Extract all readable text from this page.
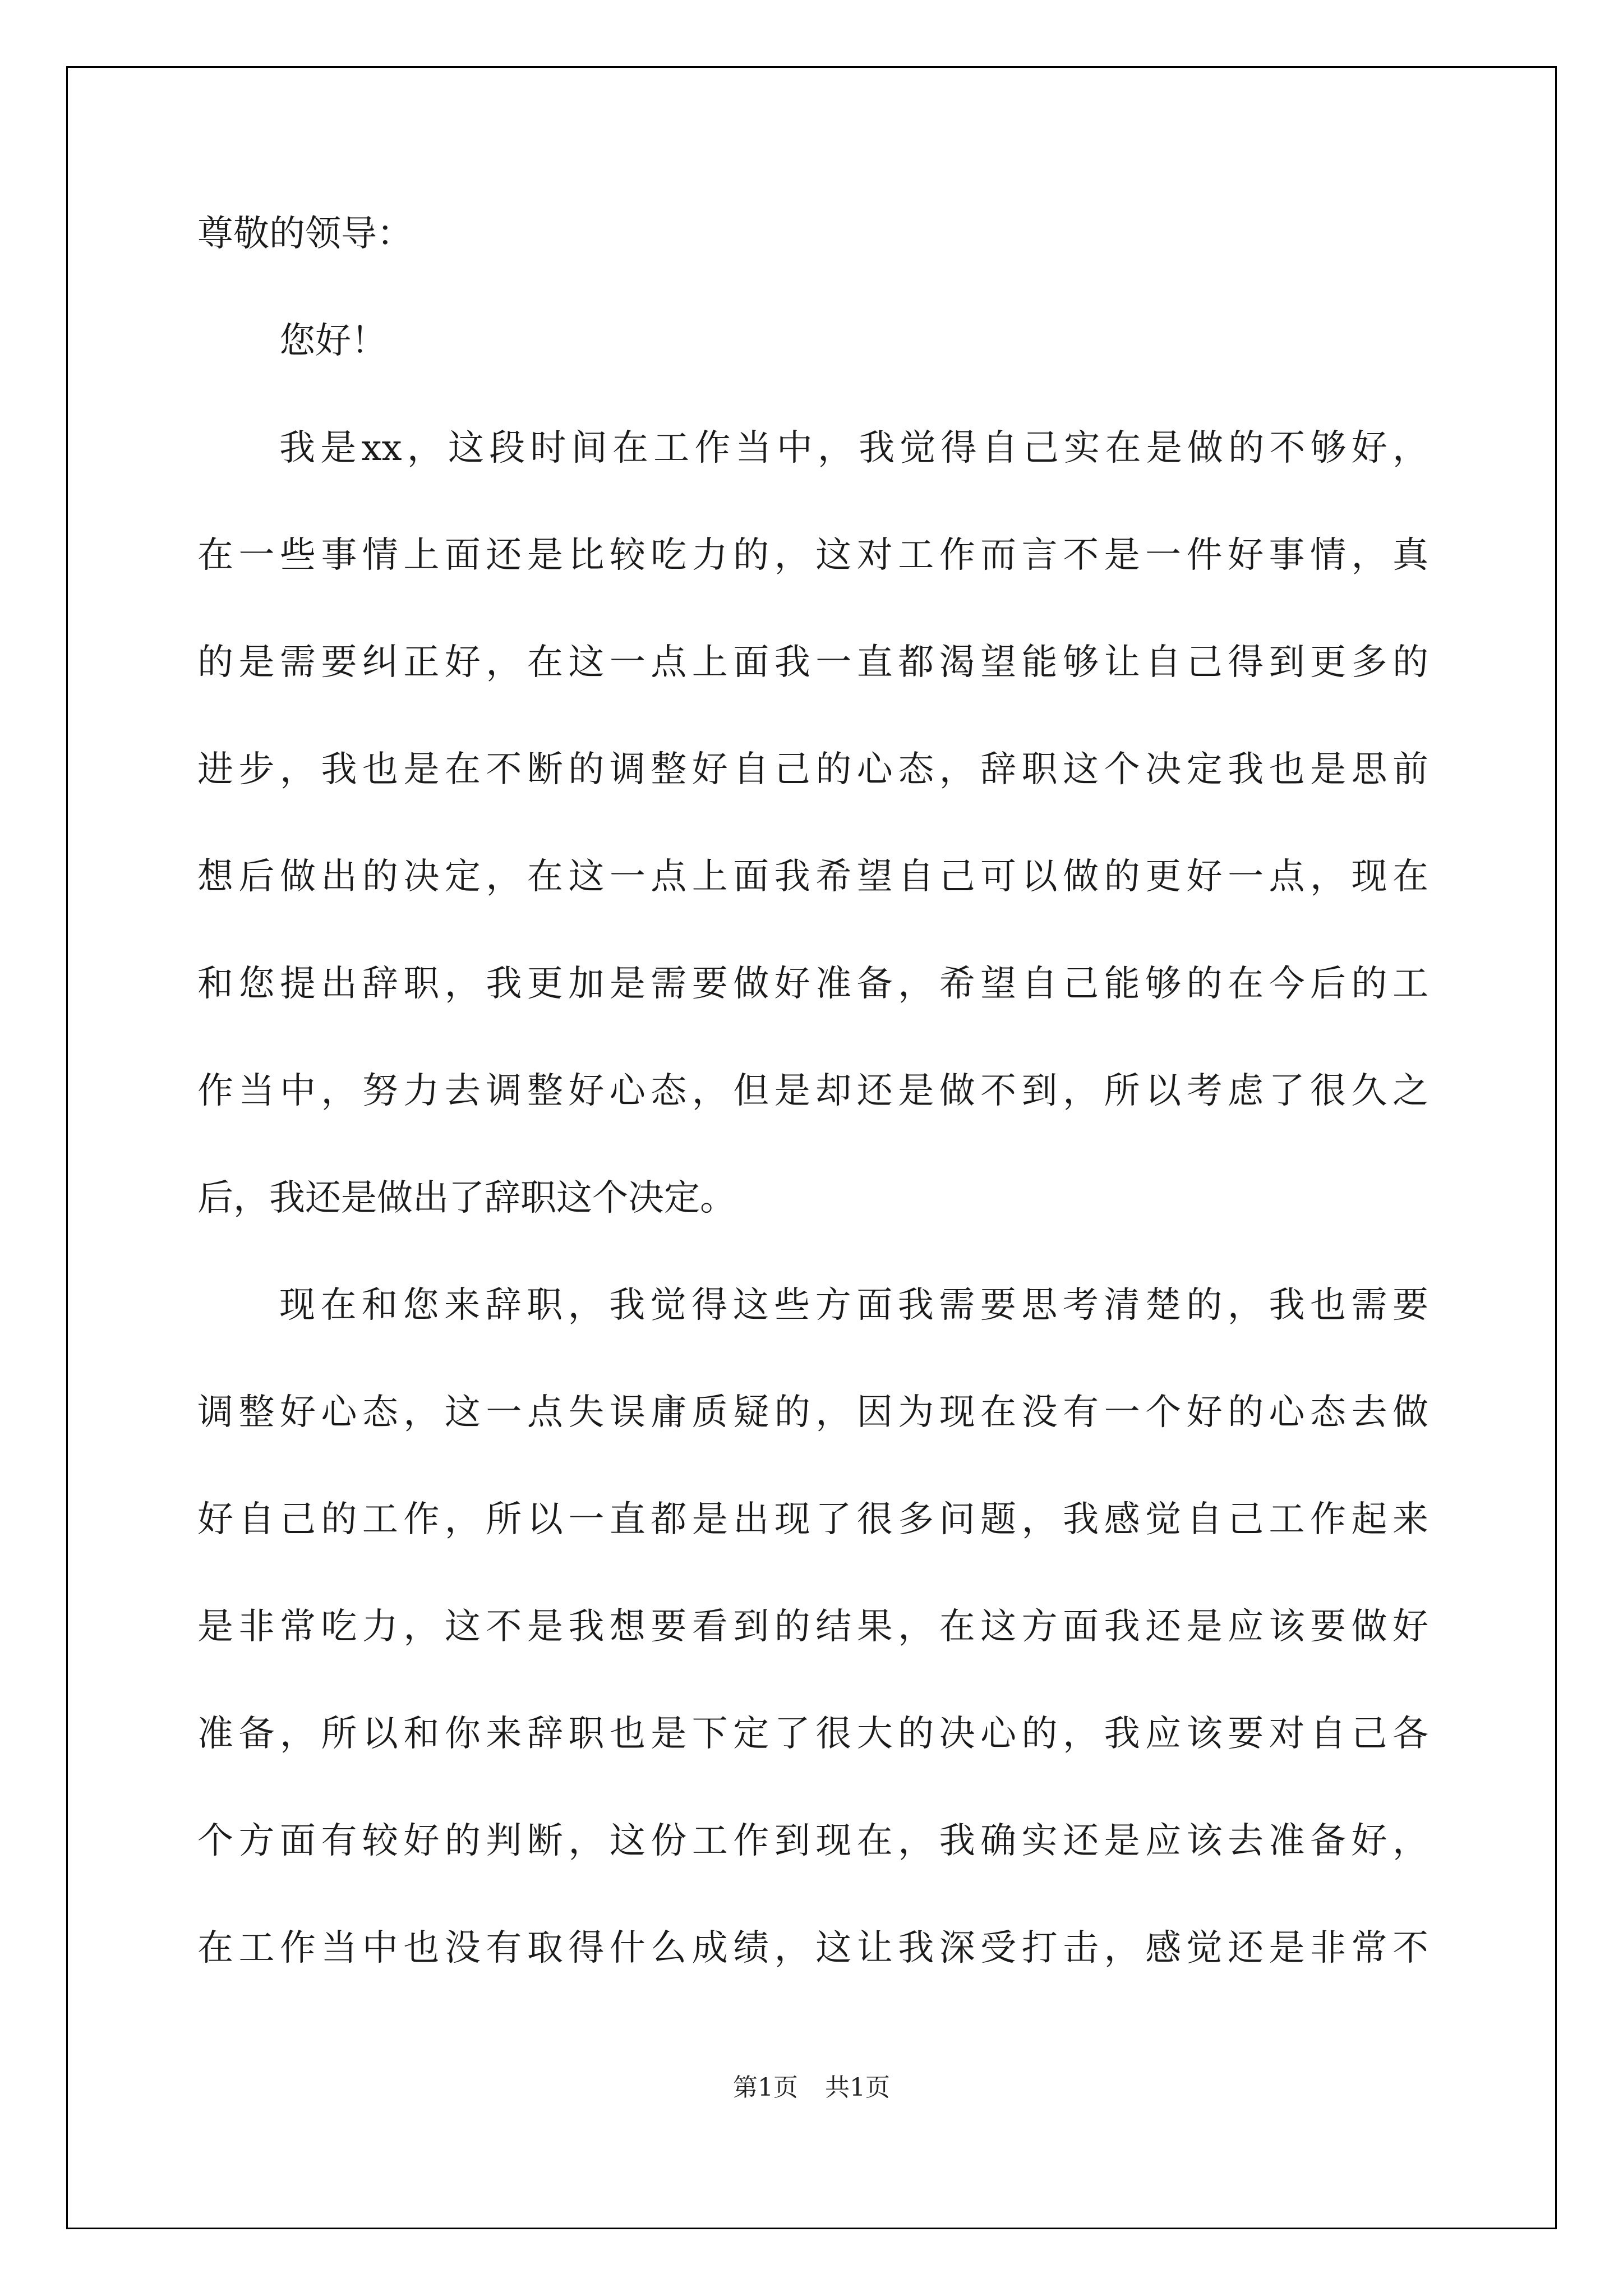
尊敬的领导：
您好！
我是xx，这段时间在工作当中，我觉得自己实在是做的不够好，
在一些事情上面还是比较吃力的，这对工作而言不是一件好事情，真
的是需要纠正好，在这一点上面我一直都渴望能够让自己得到更多的
进步，我也是在不断的调整好自己的心态，辞职这个决定我也是思前
想后做出的决定，在这一点上面我希望自己可以做的更好一点，现在
和您提出辞职，我更加是需要做好准备，希望自己能够的在今后的工
作当中，努力去调整好心态，但是却还是做不到，所以考虑了很久之
后，我还是做出了辞职这个决定。
现在和您来辞职，我觉得这些方面我需要思考清楚的，我也需要
调整好心态，这一点失误庸质疑的，因为现在没有一个好的心态去做
好自己的工作，所以一直都是出现了很多问题，我感觉自己工作起来
是非常吃力，这不是我想要看到的结果，在这方面我还是应该要做好
准备，所以和你来辞职也是下定了很大的决心的，我应该要对自己各
个方面有较好的判断，这份工作到现在，我确实还是应该去准备好，
在工作当中也没有取得什么成绩，这让我深受打击，感觉还是非常不
第1页 共1页
